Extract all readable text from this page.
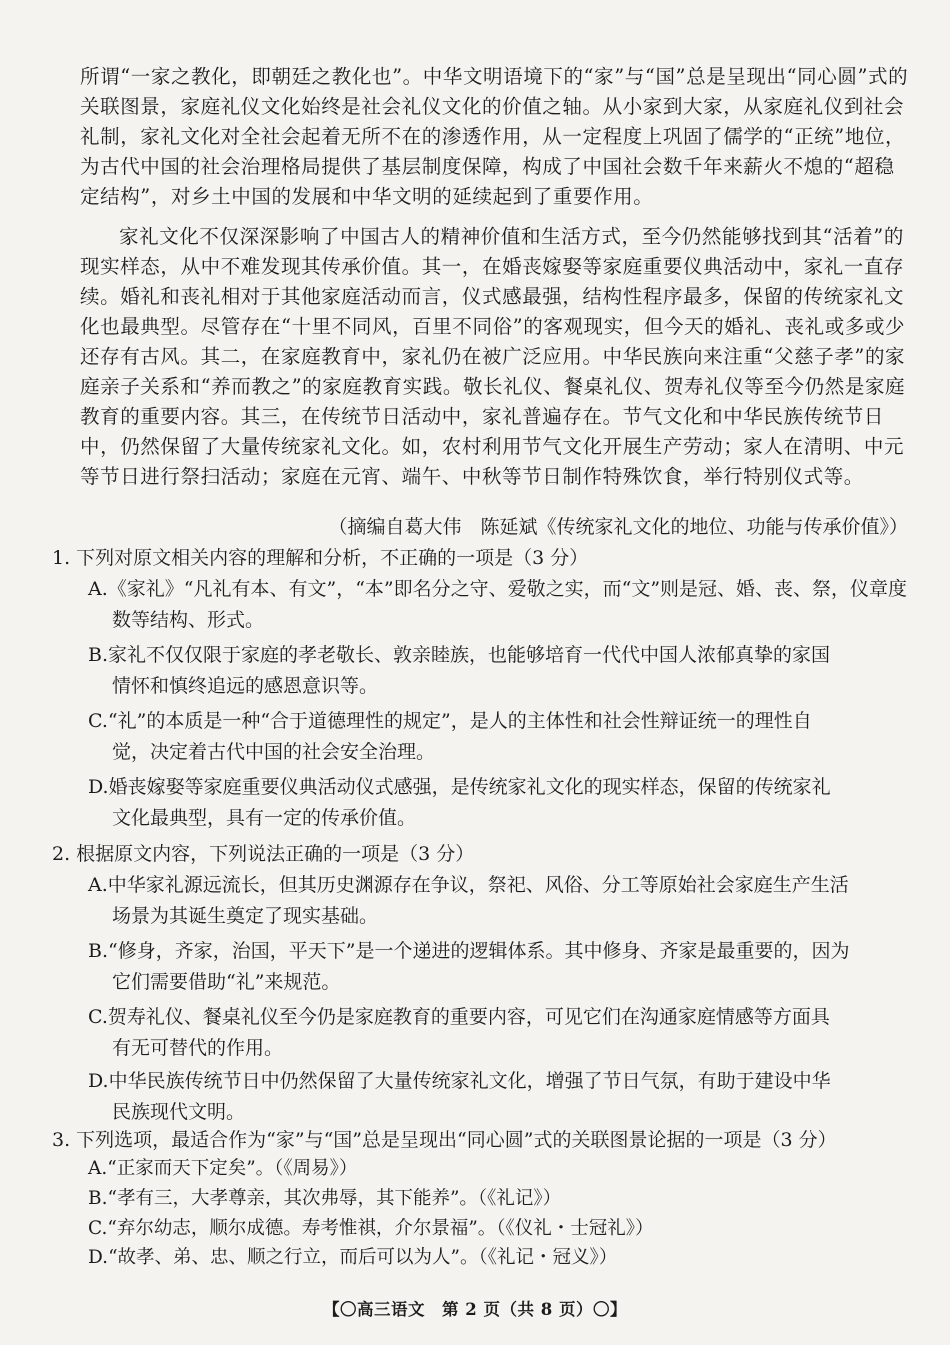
所谓“一家之教化，即朝廷之教化也”。中华文明语境下的“家”与“国”总是呈现出“同心圆”式的关联图景，家庭礼仪文化始终是社会礼仪文化的价值之轴。从小家到大家，从家庭礼仪到社会礼制，家礼文化对全社会起着无所不在的渗透作用，从一定程度上巩固了儒学的“正统”地位，为古代中国的社会治理格局提供了基层制度保障，构成了中国社会数千年来薪火不熄的“超稳定结构”，对乡土中国的发展和中华文明的延续起到了重要作用。
家礼文化不仅深深影响了中国古人的精神价值和生活方式，至今仍然能够找到其“活着”的现实样态，从中不难发现其传承价值。其一，在婚丧嫁娶等家庭重要仪典活动中，家礼一直存续。婚礼和丧礼相对于其他家庭活动而言，仪式感最强，结构性程序最多，保留的传统家礼文化也最典型。尽管存在“十里不同风，百里不同俗”的客观现实，但今天的婚礼、丧礼或多或少还存有古风。其二，在家庭教育中，家礼仍在被广泛应用。中华民族向来注重“父慈子孝”的家庭亲子关系和“养而教之”的家庭教育实践。敬长礼仪、餐桌礼仪、贺寿礼仪等至今仍然是家庭教育的重要内容。其三，在传统节日活动中，家礼普遍存在。节气文化和中华民族传统节日中，仍然保留了大量传统家礼文化。如，农村利用节气文化开展生产劳动；家人在清明、中元等节日进行祭扫活动；家庭在元宵、端午、中秋等节日制作特殊饮食，举行特别仪式等。
（摘编自葛大伟　陈延斌《传统家礼文化的地位、功能与传承价值》）
1. 下列对原文相关内容的理解和分析，不正确的一项是（3 分）
A.《家礼》“凡礼有本、有文”，“本”即名分之守、爱敬之实，而“文”则是冠、婚、丧、祭，仪章度
数等结构、形式。
B.家礼不仅仅限于家庭的孝老敬长、敦亲睦族，也能够培育一代代中国人浓郁真挚的家国
情怀和慎终追远的感恩意识等。
C.“礼”的本质是一种“合于道德理性的规定”，是人的主体性和社会性辩证统一的理性自
觉，决定着古代中国的社会安全治理。
D.婚丧嫁娶等家庭重要仪典活动仪式感强，是传统家礼文化的现实样态，保留的传统家礼
文化最典型，具有一定的传承价值。
2. 根据原文内容，下列说法正确的一项是（3 分）
A.中华家礼源远流长，但其历史渊源存在争议，祭祀、风俗、分工等原始社会家庭生产生活
场景为其诞生奠定了现实基础。
B.“修身，齐家，治国，平天下”是一个递进的逻辑体系。其中修身、齐家是最重要的，因为
它们需要借助“礼”来规范。
C.贺寿礼仪、餐桌礼仪至今仍是家庭教育的重要内容，可见它们在沟通家庭情感等方面具
有无可替代的作用。
D.中华民族传统节日中仍然保留了大量传统家礼文化，增强了节日气氛，有助于建设中华
民族现代文明。
3. 下列选项，最适合作为“家”与“国”总是呈现出“同心圆”式的关联图景论据的一项是（3 分）
A.“正家而天下定矣”。（《周易》）
B.“孝有三，大孝尊亲，其次弗辱，其下能养”。（《礼记》）
C.“弃尔幼志，顺尔成德。寿考惟祺，介尔景福”。（《仪礼・士冠礼》）
D.“故孝、弟、忠、顺之行立，而后可以为人”。（《礼记・冠义》）
【〇高三语文　第 2 页（共 8 页）〇】
